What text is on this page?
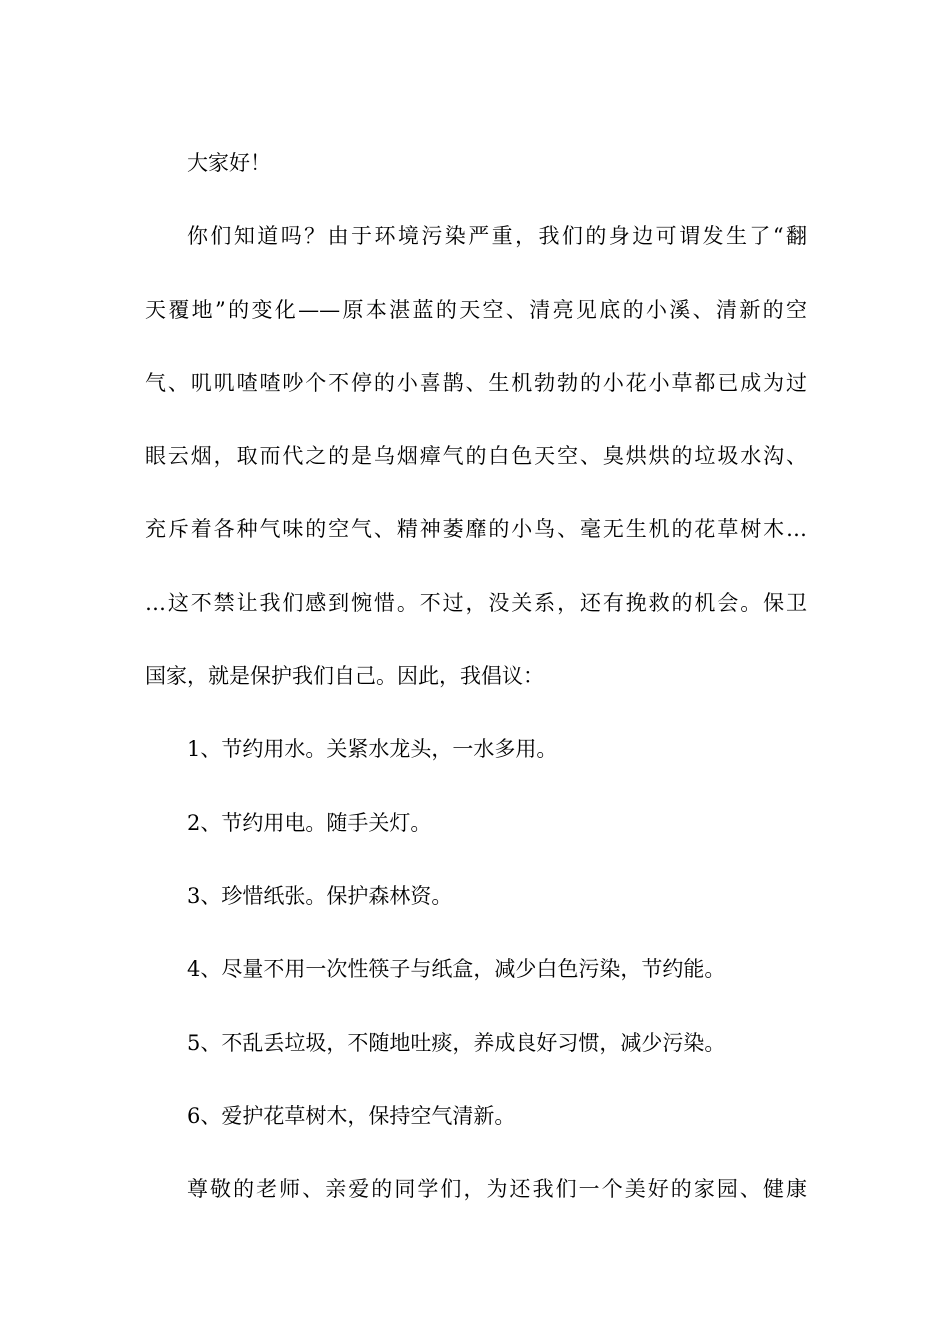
大家好！

你们知道吗？由于环境污染严重，我们的身边可谓发生了“翻
天覆地”的变化——原本湛蓝的天空、清亮见底的小溪、清新的空
气、叽叽喳喳吵个不停的小喜鹊、生机勃勃的小花小草都已成为过
眼云烟，取而代之的是乌烟瘴气的白色天空、臭烘烘的垃圾水沟、
充斥着各种气味的空气、精神萎靡的小鸟、毫无生机的花草树木…
…这不禁让我们感到惋惜。不过，没关系，还有挽救的机会。保卫
国家，就是保护我们自己。因此，我倡议：

1、节约用水。关紧水龙头，一水多用。

2、节约用电。随手关灯。

3、珍惜纸张。保护森林资。

4、尽量不用一次性筷子与纸盒，减少白色污染，节约能。

5、不乱丢垃圾，不随地吐痰，养成良好习惯，减少污染。

6、爱护花草树木，保持空气清新。

尊敬的老师、亲爱的同学们，为还我们一个美好的家园、健康
